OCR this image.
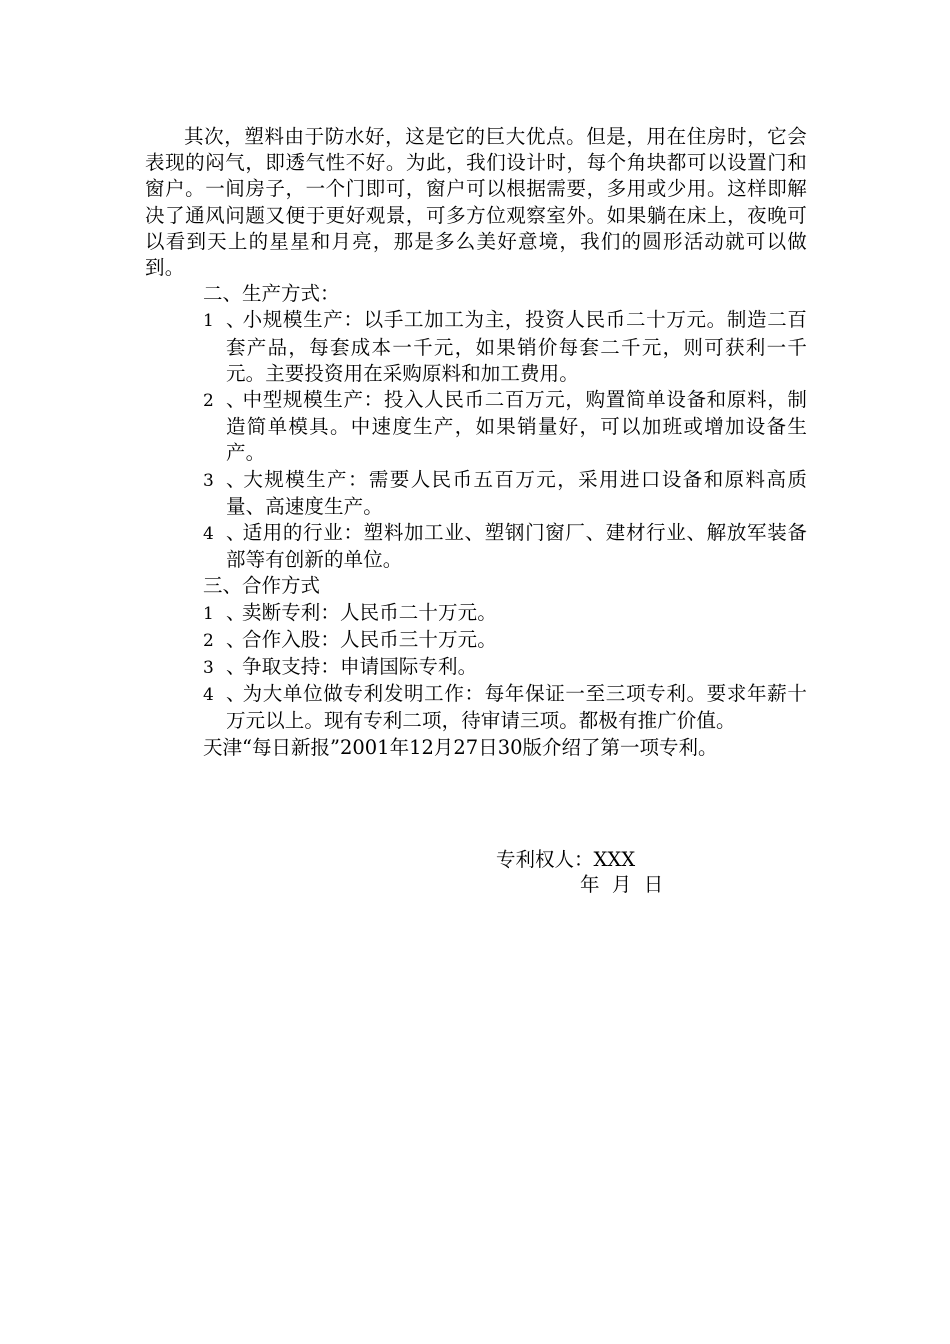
其次，塑料由于防水好，这是它的巨大优点。但是，用在住房时，它会表现的闷气，即透气性不好。为此，我们设计时，每个角块都可以设置门和窗户。一间房子，一个门即可，窗户可以根据需要，多用或少用。这样即解决了通风问题又便于更好观景，可多方位观察室外。如果躺在床上，夜晚可以看到天上的星星和月亮，那是多么美好意境，我们的圆形活动就可以做到。

二、生产方式：

1 、小规模生产：以手工加工为主，投资人民币二十万元。制造二百套产品，每套成本一千元，如果销价每套二千元，则可获利一千元。主要投资用在采购原料和加工费用。

2 、中型规模生产：投入人民币二百万元，购置简单设备和原料，制造简单模具。中速度生产，如果销量好，可以加班或增加设备生产。

3 、大规模生产：需要人民币五百万元，采用进口设备和原料高质量、高速度生产。

4 、适用的行业：塑料加工业、塑钢门窗厂、建材行业、解放军装备部等有创新的单位。

三、合作方式

1 、卖断专利：人民币二十万元。

2 、合作入股：人民币三十万元。

3 、争取支持：申请国际专利。

4 、为大单位做专利发明工作：每年保证一至三项专利。要求年薪十万元以上。现有专利二项，待审请三项。都极有推广价值。

天津“每日新报”2001年12月27日30版介绍了第一项专利。

专利权人：XXX
年  月  日
